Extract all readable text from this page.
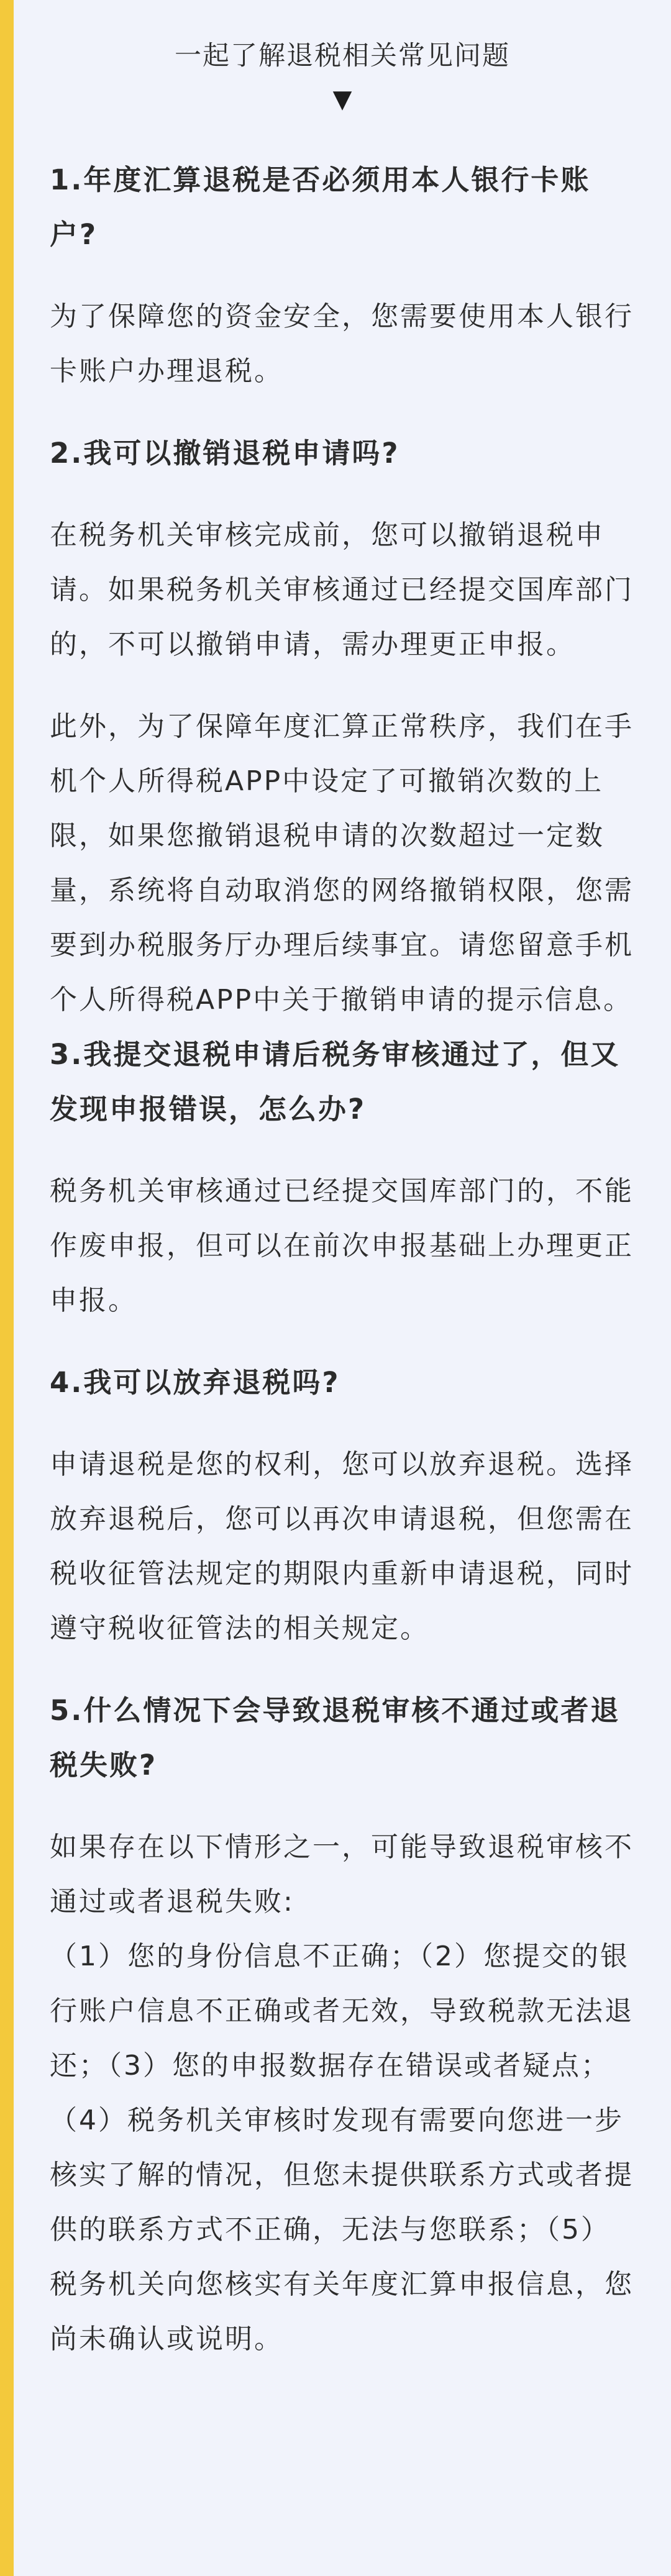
一起了解退税相关常见问题

▼

1.年度汇算退税是否必须用本人银行卡账户?

为了保障您的资金安全，您需要使用本人银行卡账户办理退税。

2.我可以撤销退税申请吗?

在税务机关审核完成前，您可以撤销退税申请。如果税务机关审核通过已经提交国库部门的，不可以撤销申请，需办理更正申报。

此外，为了保障年度汇算正常秩序，我们在手机个人所得税APP中设定了可撤销次数的上限，如果您撤销退税申请的次数超过一定数量，系统将自动取消您的网络撤销权限，您需要到办税服务厅办理后续事宜。请您留意手机个人所得税APP中关于撤销申请的提示信息。

3.我提交退税申请后税务审核通过了，但又发现申报错误，怎么办?

税务机关审核通过已经提交国库部门的，不能作废申报，但可以在前次申报基础上办理更正申报。

4.我可以放弃退税吗?

申请退税是您的权利，您可以放弃退税。选择放弃退税后，您可以再次申请退税，但您需在税收征管法规定的期限内重新申请退税，同时遵守税收征管法的相关规定。

5.什么情况下会导致退税审核不通过或者退税失败?

如果存在以下情形之一，可能导致退税审核不通过或者退税失败:

（1）您的身份信息不正确；（2）您提交的银行账户信息不正确或者无效，导致税款无法退还；（3）您的申报数据存在错误或者疑点；（4）税务机关审核时发现有需要向您进一步核实了解的情况，但您未提供联系方式或者提供的联系方式不正确，无法与您联系；（5）税务机关向您核实有关年度汇算申报信息，您尚未确认或说明。
